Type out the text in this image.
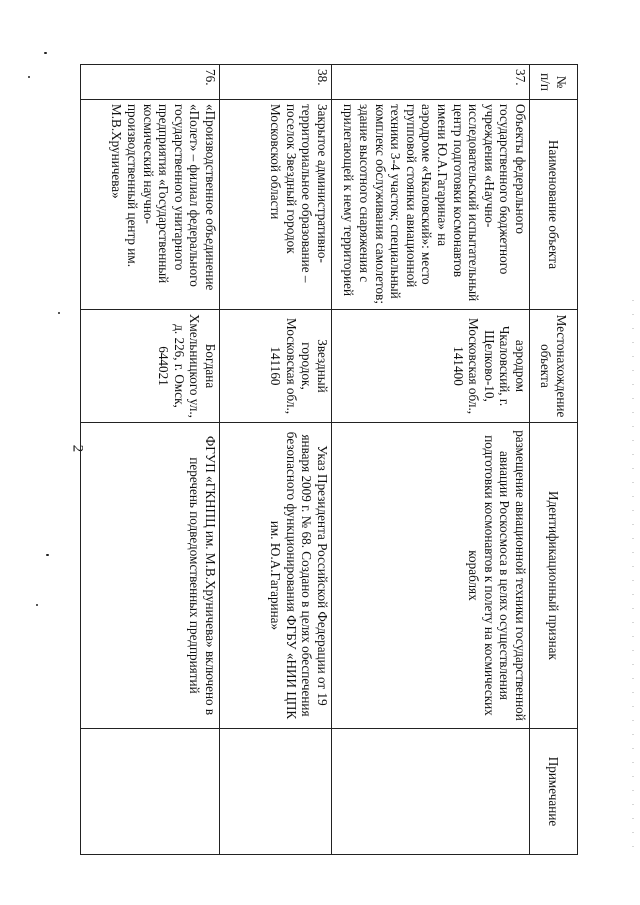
2
№ п/п	Наименование объекта	Местонахождение объекта	Идентификационный признак	Примечание
37.	Объекты федерального государственного бюджетного учреждения «Научно-исследовательский испытательный центр подготовки космонавтов имени Ю.А.Гагарина» на аэродроме «Чкаловский»: место групповой стоянки авиационной техники 3-4 участок; специальный комплекс обслуживания самолетов; здание высотного снаряжения с прилегающей к нему территорией	аэродром Чкаловский, г. Щелково-10, Московская обл., 141400	размещение авиационной техники государственной авиации Роскосмоса в целях осуществления подготовки космонавтов к полету на космических кораблях	
38.	Закрытое административно-территориальное образование – поселок Звездный городок Московской области	Звездный городок, Московская обл., 141160	Указ Президента Российской Федерации от 19 января 2009 г. № 68. Создано в целях обеспечения безопасного функционирования ФГБУ «НИИ ЦПК им. Ю.А.Гагарина»	
76.	«Производственное объединение «Полет» – филиал федерального государственного унитарного предприятия «Государственный космический научно-производственный центр им. М.В.Хруничева»	Богдана Хмельницкого ул., д. 226, г. Омск, 644021	ФГУП «ГКНПЦ им. М.В.Хруничева» включено в перечень подведомственных предприятий	
